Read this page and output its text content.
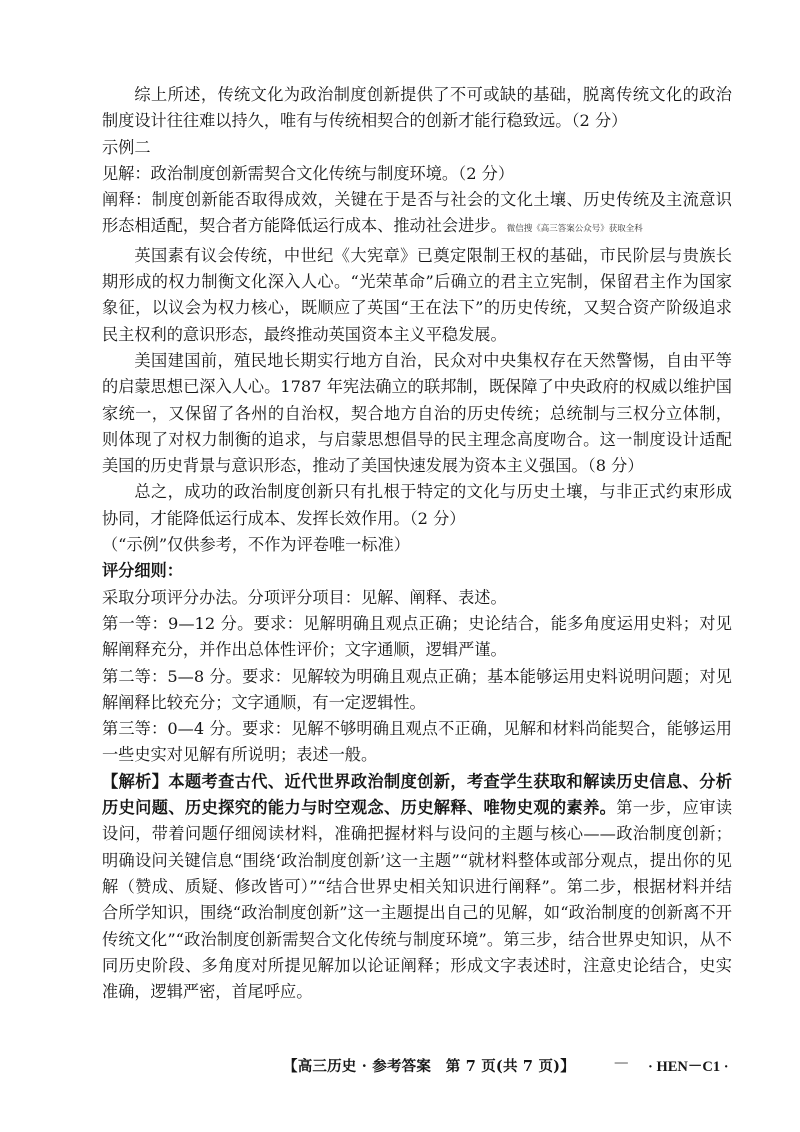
综上所述，传统文化为政治制度创新提供了不可或缺的基础，脱离传统文化的政治制度设计往往难以持久，唯有与传统相契合的创新才能行稳致远。（2 分）

示例二

见解：政治制度创新需契合文化传统与制度环境。（2 分）

阐释：制度创新能否取得成效，关键在于是否与社会的文化土壤、历史传统及主流意识形态相适配，契合者方能降低运行成本、推动社会进步。微信搜《高三答案公众号》获取全科

英国素有议会传统，中世纪《大宪章》已奠定限制王权的基础，市民阶层与贵族长期形成的权力制衡文化深入人心。“光荣革命”后确立的君主立宪制，保留君主作为国家象征，以议会为权力核心，既顺应了英国“王在法下”的历史传统，又契合资产阶级追求民主权利的意识形态，最终推动英国资本主义平稳发展。

美国建国前，殖民地长期实行地方自治，民众对中央集权存在天然警惕，自由平等的启蒙思想已深入人心。1787 年宪法确立的联邦制，既保障了中央政府的权威以维护国家统一，又保留了各州的自治权，契合地方自治的历史传统；总统制与三权分立体制，则体现了对权力制衡的追求，与启蒙思想倡导的民主理念高度吻合。这一制度设计适配美国的历史背景与意识形态，推动了美国快速发展为资本主义强国。（8 分）

总之，成功的政治制度创新只有扎根于特定的文化与历史土壤，与非正式约束形成协同，才能降低运行成本、发挥长效作用。（2 分）

（“示例”仅供参考，不作为评卷唯一标准）

评分细则：

采取分项评分办法。分项评分项目：见解、阐释、表述。

第一等：9—12 分。要求：见解明确且观点正确；史论结合，能多角度运用史料；对见解阐释充分，并作出总体性评价；文字通顺，逻辑严谨。

第二等：5—8 分。要求：见解较为明确且观点正确；基本能够运用史料说明问题；对见解阐释比较充分；文字通顺，有一定逻辑性。

第三等：0—4 分。要求：见解不够明确且观点不正确，见解和材料尚能契合，能够运用一些史实对见解有所说明；表述一般。

【解析】本题考查古代、近代世界政治制度创新，考查学生获取和解读历史信息、分析历史问题、历史探究的能力与时空观念、历史解释、唯物史观的素养。第一步，应审读设问，带着问题仔细阅读材料，准确把握材料与设问的主题与核心——政治制度创新；明确设问关键信息“围绕‘政治制度创新’这一主题”“就材料整体或部分观点，提出你的见解（赞成、质疑、修改皆可）”“结合世界史相关知识进行阐释”。第二步，根据材料并结合所学知识，围绕“政治制度创新”这一主题提出自己的见解，如“政治制度的创新离不开传统文化”“政治制度创新需契合文化传统与制度环境”。第三步，结合世界史知识，从不同历史阶段、多角度对所提见解加以论证阐释；形成文字表述时，注意史论结合，史实准确，逻辑严密，首尾呼应。

【高三历史 · 参考答案　第 7 页(共 7 页)】	— · HEN－C1 ·
